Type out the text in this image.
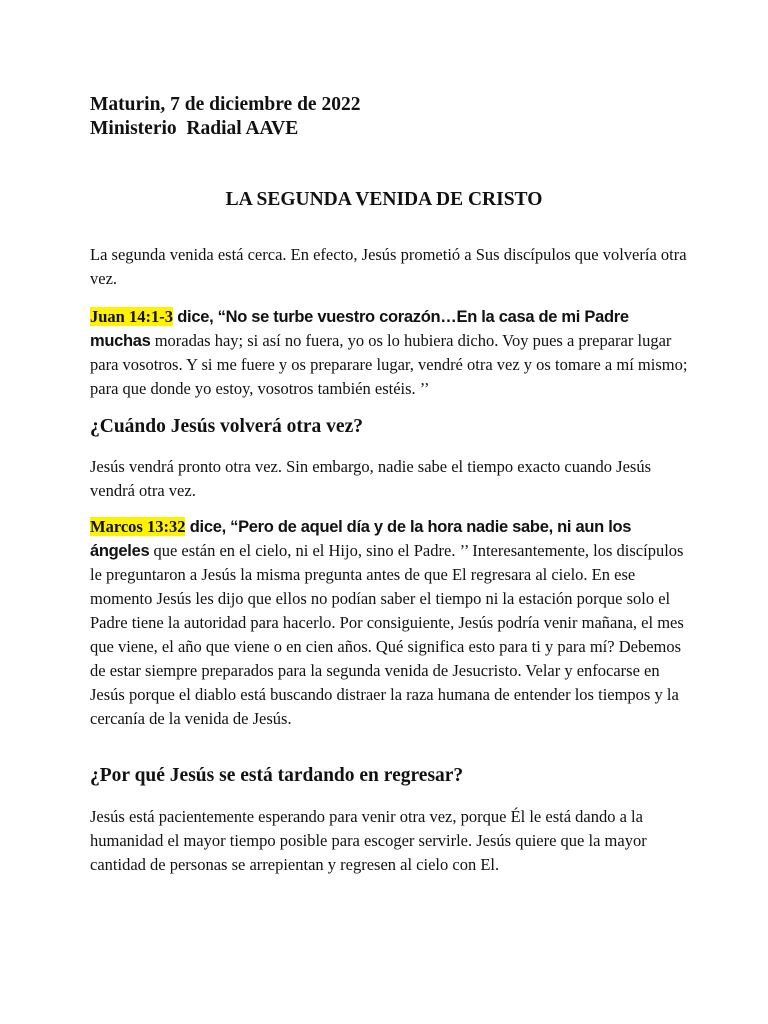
Maturin, 7 de diciembre de 2022
Ministerio  Radial AAVE
LA SEGUNDA VENIDA DE CRISTO

La segunda venida está cerca. En efecto, Jesús prometió a Sus discípulos que volvería otra vez.

Juan 14:1-3 dice, “No se turbe vuestro corazón…En la casa de mi Padre muchas moradas hay; si así no fuera, yo os lo hubiera dicho. Voy pues a preparar lugar para vosotros. Y si me fuere y os preparare lugar, vendré otra vez y os tomare a mí mismo; para que donde yo estoy, vosotros también estéis. ’’

¿Cuándo Jesús volverá otra vez?

Jesús vendrá pronto otra vez. Sin embargo, nadie sabe el tiempo exacto cuando Jesús vendrá otra vez.

Marcos 13:32 dice, “Pero de aquel día y de la hora nadie sabe, ni aun los ángeles que están en el cielo, ni el Hijo, sino el Padre. ’’ Interesantemente, los discípulos le preguntaron a Jesús la misma pregunta antes de que El regresara al cielo. En ese momento Jesús les dijo que ellos no podían saber el tiempo ni la estación porque solo el Padre tiene la autoridad para hacerlo. Por consiguiente, Jesús podría venir mañana, el mes que viene, el año que viene o en cien años. Qué significa esto para ti y para mí? Debemos de estar siempre preparados para la segunda venida de Jesucristo. Velar y enfocarse en Jesús porque el diablo está buscando distraer la raza humana de entender los tiempos y la cercanía de la venida de Jesús.

¿Por qué Jesús se está tardando en regresar?

Jesús está pacientemente esperando para venir otra vez, porque Él le está dando a la humanidad el mayor tiempo posible para escoger servirle. Jesús quiere que la mayor cantidad de personas se arrepientan y regresen al cielo con El.
